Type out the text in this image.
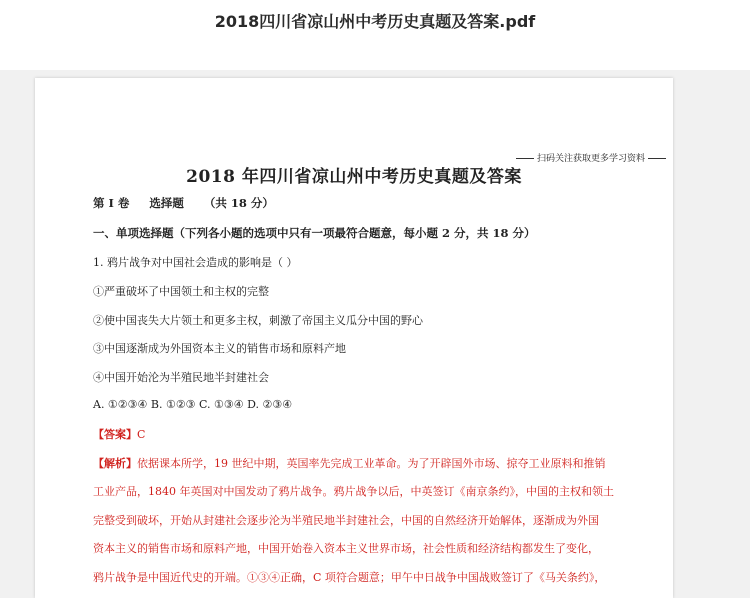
2018四川省凉山州中考历史真题及答案.pdf
扫码关注获取更多学习资料
2018 年四川省凉山州中考历史真题及答案
第 I 卷 选择题 （共 18 分）
一、单项选择题（下列各小题的选项中只有一项最符合题意，每小题 2 分，共 18 分）
1. 鸦片战争对中国社会造成的影响是（ ）
①严重破坏了中国领土和主权的完整
②使中国丧失大片领土和更多主权，刺激了帝国主义瓜分中国的野心
③中国逐渐成为外国资本主义的销售市场和原料产地
④中国开始沦为半殖民地半封建社会
A. ①②③④ B. ①②③ C. ①③④ D. ②③④
【答案】C
【解析】依据课本所学，19 世纪中期，英国率先完成工业革命。为了开辟国外市场、掠夺工业原料和推销
工业产品，1840 年英国对中国发动了鸦片战争。鸦片战争以后，中英签订《南京条约》，中国的主权和领土
完整受到破坏，开始从封建社会逐步沦为半殖民地半封建社会，中国的自然经济开始解体，逐渐成为外国
资本主义的销售市场和原料产地，中国开始卷入资本主义世界市场，社会性质和经济结构都发生了变化，
鸦片战争是中国近代史的开端。①③④正确，C 项符合题意；甲午中日战争中国战败签订了《马关条约》，
